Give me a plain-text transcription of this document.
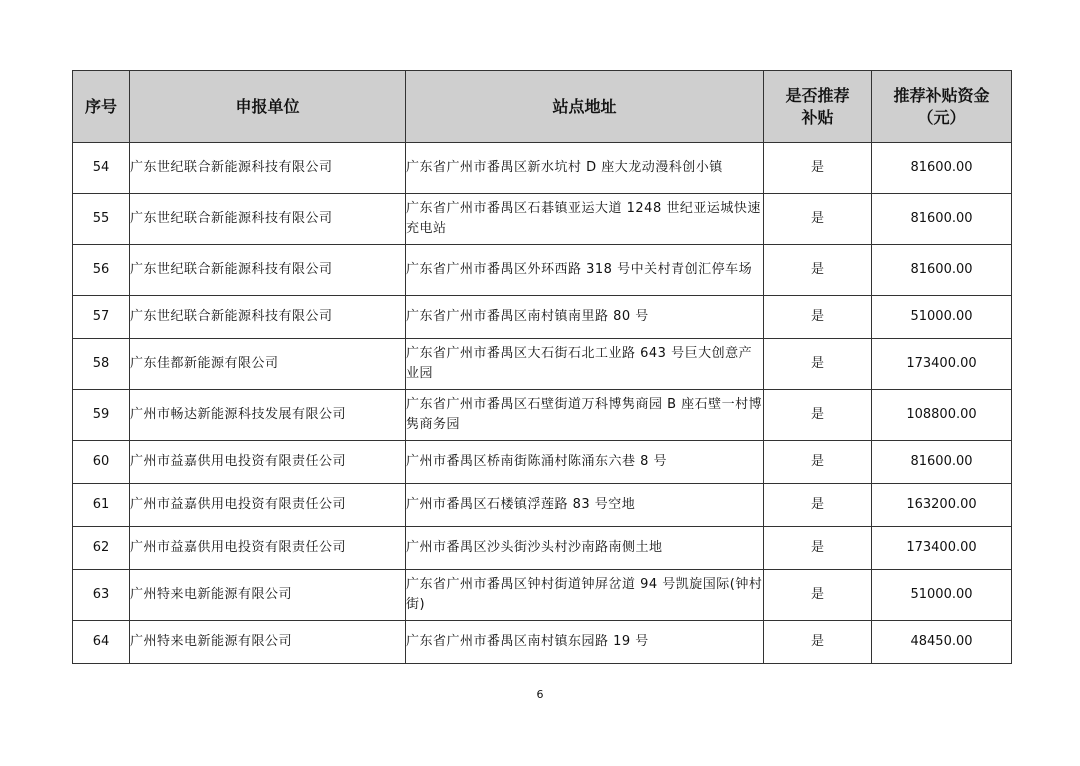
序号	申报单位	站点地址	是否推荐补贴	推荐补贴资金（元）
54	广东世纪联合新能源科技有限公司	广东省广州市番禺区新水坑村 D 座大龙动漫科创小镇	是	81600.00
55	广东世纪联合新能源科技有限公司	广东省广州市番禺区石碁镇亚运大道 1248 世纪亚运城快速充电站	是	81600.00
56	广东世纪联合新能源科技有限公司	广东省广州市番禺区外环西路 318 号中关村青创汇停车场	是	81600.00
57	广东世纪联合新能源科技有限公司	广东省广州市番禺区南村镇南里路 80 号	是	51000.00
58	广东佳都新能源有限公司	广东省广州市番禺区大石街石北工业路 643 号巨大创意产业园	是	173400.00
59	广州市畅达新能源科技发展有限公司	广东省广州市番禺区石壁街道万科博隽商园 B 座石壁一村博隽商务园	是	108800.00
60	广州市益嘉供用电投资有限责任公司	广州市番禺区桥南街陈涌村陈涌东六巷 8 号	是	81600.00
61	广州市益嘉供用电投资有限责任公司	广州市番禺区石楼镇浮莲路 83 号空地	是	163200.00
62	广州市益嘉供用电投资有限责任公司	广州市番禺区沙头街沙头村沙南路南侧土地	是	173400.00
63	广州特来电新能源有限公司	广东省广州市番禺区钟村街道钟屏岔道 94 号凯旋国际(钟村街)	是	51000.00
64	广州特来电新能源有限公司	广东省广州市番禺区南村镇东园路 19 号	是	48450.00
6
